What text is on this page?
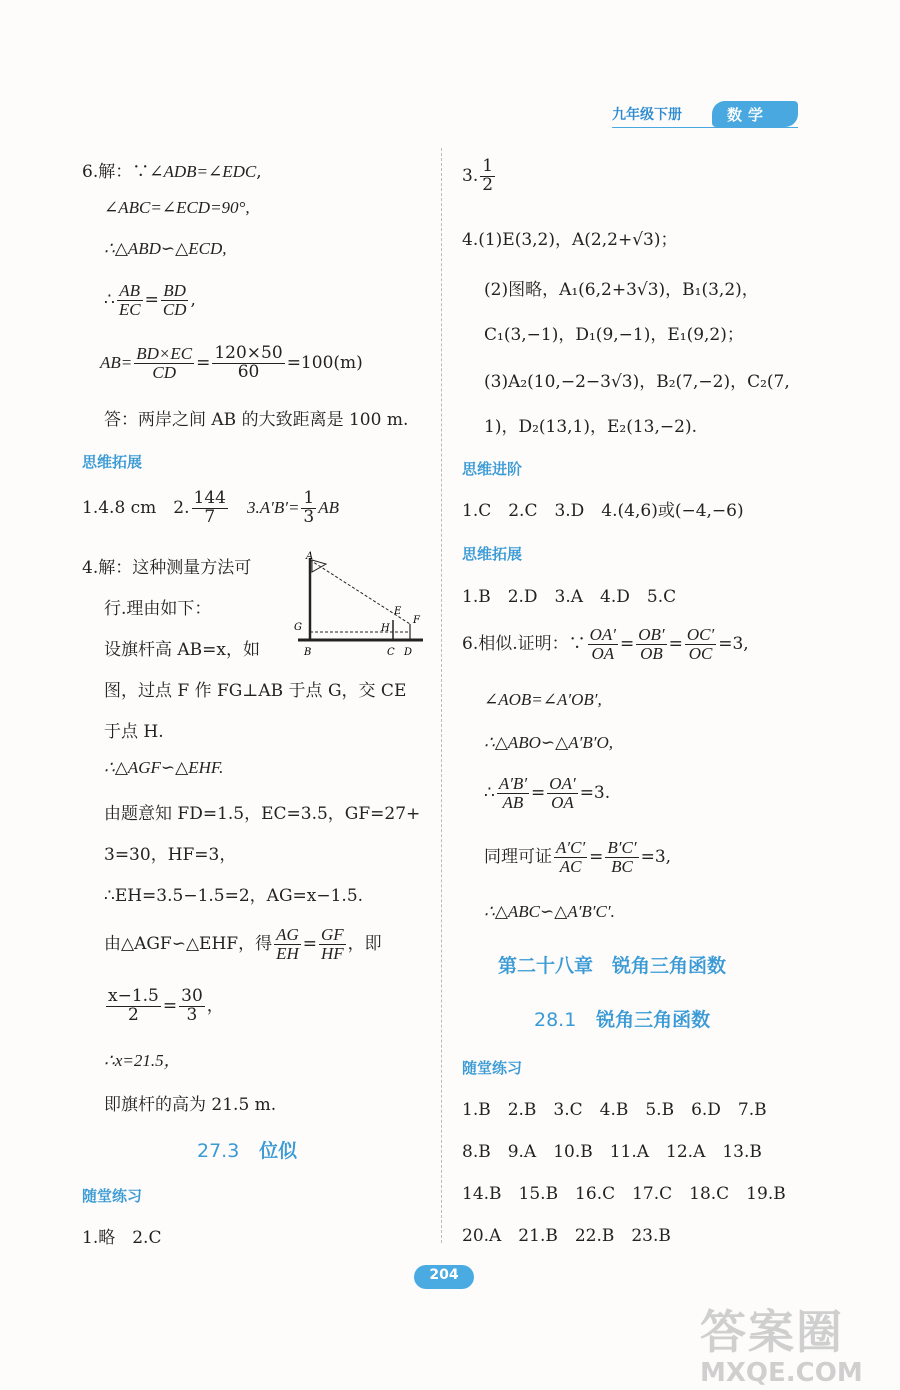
九年级下册	数学
6.解：∵∠ADB=∠EDC,
∠ABC=∠ECD=90°,
∴△ABD∽△ECD,
∴ $\frac{AB}{EC} = \frac{BD}{CD}$ ,
$AB= \frac{BD\times EC}{CD} = \frac{120\times 50}{60} =100(m)$
答：两岸之间 AB 的大致距离是 100 m.
思维拓展
1.4.8 cm　2. $\frac{144}{7}$ 　$3.A'B'= \frac{1}{3}$ AB
4.解：这种测量方法可
行.理由如下：
设旗杆高 AB=x，如
图，过点 F 作 FG⊥AB 于点 G，交 CE
于点 H.
∴△AGF∽△EHF.
由题意知 FD=1.5，EC=3.5，GF=27+
3=30，HF=3，
∴EH=3.5−1.5=2，AG=x−1.5.
由△AGF∽△EHF，得 $\frac{AG}{EH} = \frac{GF}{HF}$ ，即
$\frac{x-1.5}{2} = \frac{30}{3}$ ，
∴x=21.5，
即旗杆的高为 21.5 m.
A
E
G	H
F
B	C D
27.3 位似
随堂练习
1.略　2.C
3. $\frac{1}{2}$
4.(1)E(3,2)，A(2,2+√3)；
(2)图略，A₁(6,2+3√3)，B₁(3,2)，
C₁(3,−1)，D₁(9,−1)，E₁(9,2)；
(3)A₂(10,−2−3√3)，B₂(7,−2)，C₂(7,
1)，D₂(13,1)，E₂(13,−2).
思维进阶
1.C　2.C　3.D　4.(4,6)或(−4,−6)
思维拓展
1.B　2.D　3.A　4.D　5.C
6.相似.证明：∵ $\frac{OA'}{OA} = \frac{OB'}{OB} = \frac{OC'}{OC} =3$,
∠AOB=∠A′OB′,
∴△ABO∽△A′B′O,
∴ $\frac{A'B'}{AB} = \frac{OA'}{OA} =3$.
同理可证 $\frac{A'C'}{AC} = \frac{B'C'}{BC} =3$,
∴△ABC∽△A′B′C′.
第二十八章　锐角三角函数
28.1 锐角三角函数
随堂练习
1.B　2.B　3.C　4.B　5.B　6.D　7.B
8.B　9.A　10.B　11.A　12.A　13.B
14.B　15.B　16.C　17.C　18.C　19.B
20.A　21.B　22.B　23.B
204
答案圈
MXQE.COM
